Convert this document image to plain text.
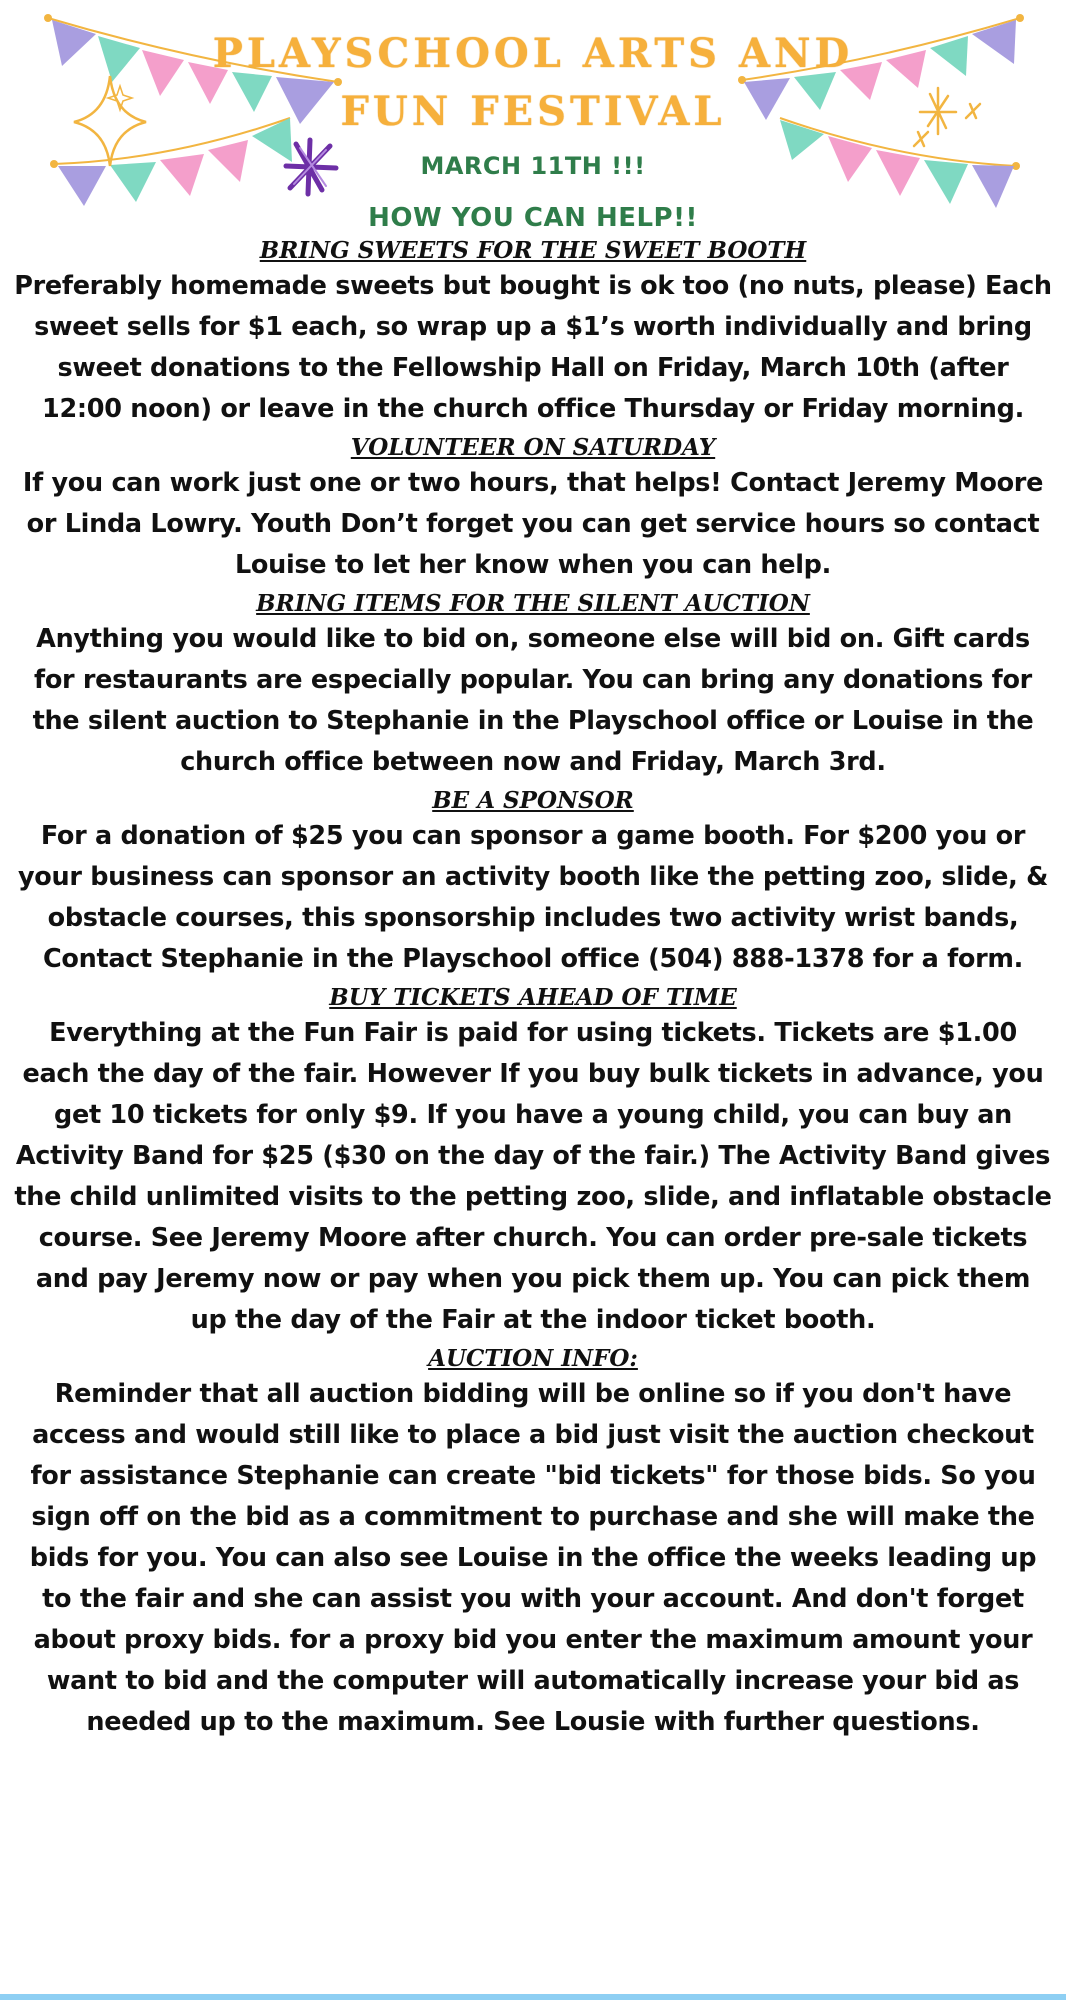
PLAYSCHOOL ARTS AND
FUN FESTIVAL
MARCH 11TH !!!
HOW YOU CAN HELP!!
BRING SWEETS FOR THE SWEET BOOTH
Preferably homemade sweets but bought is ok too (no nuts, please) Each sweet sells for $1 each, so wrap up a $1’s worth individually and bring sweet donations to the Fellowship Hall on Friday, March 10th (after 12:00 noon) or leave in the church office Thursday or Friday morning.
VOLUNTEER ON SATURDAY
If you can work just one or two hours, that helps! Contact Jeremy Moore or Linda Lowry. Youth Don’t forget you can get service hours so contact Louise to let her know when you can help.
BRING ITEMS FOR THE SILENT AUCTION
Anything you would like to bid on, someone else will bid on. Gift cards for restaurants are especially popular. You can bring any donations for the silent auction to Stephanie in the Playschool office or Louise in the church office between now and Friday, March 3rd.
BE A SPONSOR
For a donation of $25 you can sponsor a game booth. For $200 you or your business can sponsor an activity booth like the petting zoo, slide, & obstacle courses, this sponsorship includes two activity wrist bands, Contact Stephanie in the Playschool office (504) 888-1378 for a form.
BUY TICKETS AHEAD OF TIME
Everything at the Fun Fair is paid for using tickets. Tickets are $1.00 each the day of the fair. However If you buy bulk tickets in advance, you get 10 tickets for only $9. If you have a young child, you can buy an Activity Band for $25 ($30 on the day of the fair.) The Activity Band gives the child unlimited visits to the petting zoo, slide, and inflatable obstacle course. See Jeremy Moore after church. You can order pre-sale tickets and pay Jeremy now or pay when you pick them up. You can pick them up the day of the Fair at the indoor ticket booth.
AUCTION INFO:
Reminder that all auction bidding will be online so if you don't have access and would still like to place a bid just visit the auction checkout for assistance Stephanie can create "bid tickets" for those bids. So you sign off on the bid as a commitment to purchase and she will make the bids for you. You can also see Louise in the office the weeks leading up to the fair and she can assist you with your account. And don't forget about proxy bids. for a proxy bid you enter the maximum amount your want to bid and the computer will automatically increase your bid as needed up to the maximum. See Lousie with further questions.
